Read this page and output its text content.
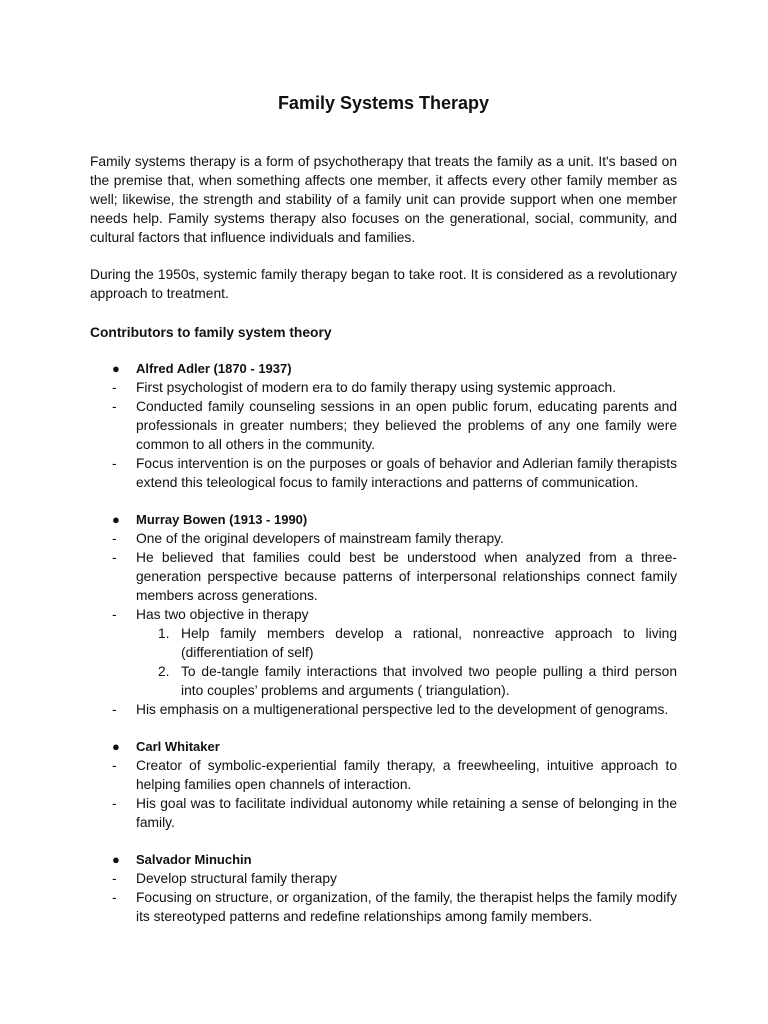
Family Systems Therapy

Family systems therapy is a form of psychotherapy that treats the family as a unit. It's based on the premise that, when something affects one member, it affects every other family member as well; likewise, the strength and stability of a family unit can provide support when one member needs help. Family systems therapy also focuses on the generational, social, community, and cultural factors that influence individuals and families.

During the 1950s, systemic family therapy began to take root. It is considered as a revolutionary approach to treatment.

Contributors to family system theory
● Alfred Adler (1870 - 1937)
- First psychologist of modern era to do family therapy using systemic approach.
- Conducted family counseling sessions in an open public forum, educating parents and professionals in greater numbers; they believed the problems of any one family were common to all others in the community.
- Focus intervention is on the purposes or goals of behavior and Adlerian family therapists extend this teleological focus to family interactions and patterns of communication.
● Murray Bowen (1913 - 1990)
- One of the original developers of mainstream family therapy.
- He believed that families could best be understood when analyzed from a three-generation perspective because patterns of interpersonal relationships connect family members across generations.
- Has two objective in therapy
1. Help family members develop a rational, nonreactive approach to living (differentiation of self)
2. To de-tangle family interactions that involved two people pulling a third person into couples’ problems and arguments ( triangulation).
- His emphasis on a multigenerational perspective led to the development of genograms.
● Carl Whitaker
- Creator of symbolic-experiential family therapy, a freewheeling, intuitive approach to helping families open channels of interaction.
- His goal was to facilitate individual autonomy while retaining a sense of belonging in the family.
● Salvador Minuchin
- Develop structural family therapy
- Focusing on structure, or organization, of the family, the therapist helps the family modify its stereotyped patterns and redefine relationships among family members.
